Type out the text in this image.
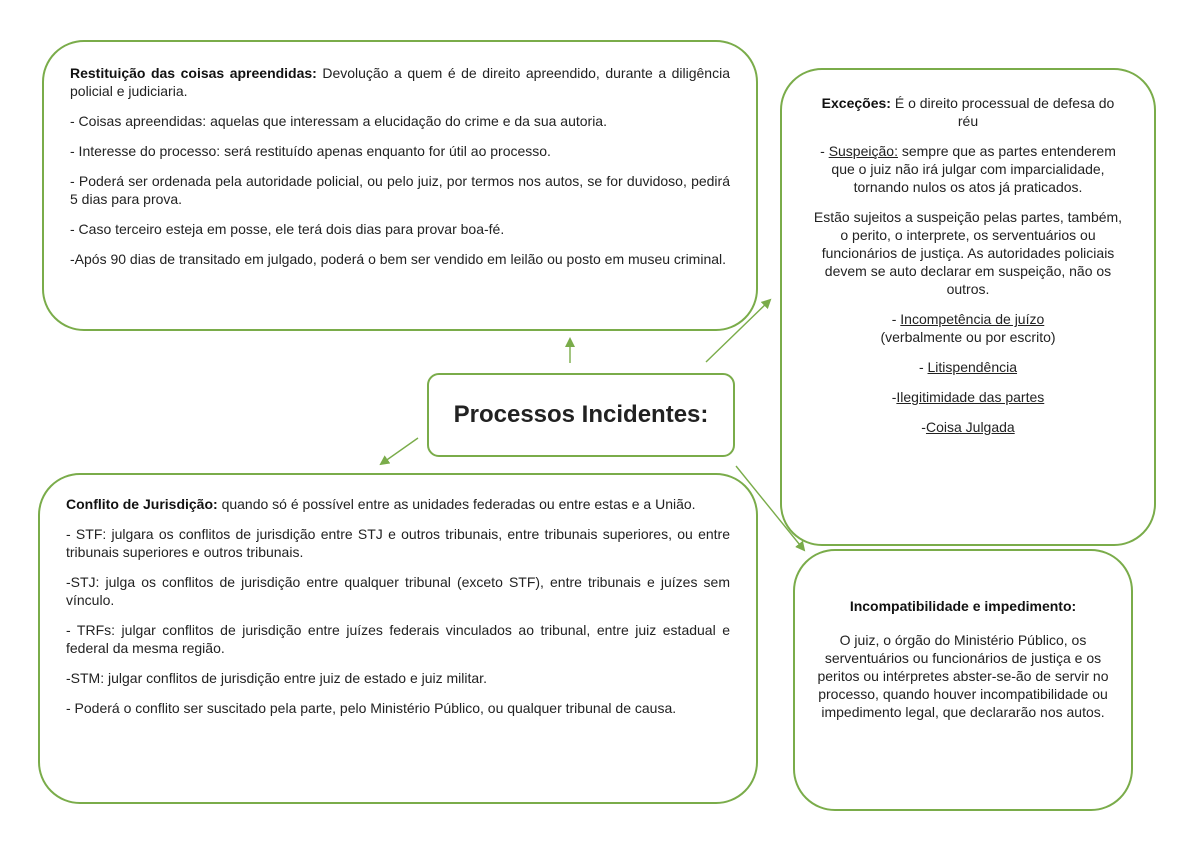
Restituição das coisas apreendidas: Devolução a quem é de direito apreendido, durante a diligência policial e judiciaria.

- Coisas apreendidas: aquelas que interessam a elucidação do crime e da sua autoria.

- Interesse do processo: será restituído apenas enquanto for útil ao processo.

- Poderá ser ordenada pela autoridade policial, ou pelo juiz, por termos nos autos, se for duvidoso, pedirá 5 dias para prova.

- Caso terceiro esteja em posse, ele terá dois dias para provar boa-fé.

-Após 90 dias de transitado em julgado, poderá o bem ser vendido em leilão ou posto em museu criminal.

Processos Incidentes:

Conflito de Jurisdição: quando só é possível entre as unidades federadas ou entre estas e a União.

- STF: julgara os conflitos de jurisdição entre STJ e outros tribunais, entre tribunais superiores, ou entre tribunais superiores e outros tribunais.

-STJ: julga os conflitos de jurisdição entre qualquer tribunal (exceto STF), entre tribunais e juízes sem vínculo.

- TRFs: julgar conflitos de jurisdição entre juízes federais vinculados ao tribunal, entre juiz estadual e federal da mesma região.

-STM: julgar conflitos de jurisdição entre juiz de estado e juiz militar.

- Poderá o conflito ser suscitado pela parte, pelo Ministério Público, ou qualquer tribunal de causa.

Exceções: É o direito processual de defesa do réu

- Suspeição: sempre que as partes entenderem que o juiz não irá julgar com imparcialidade, tornando nulos os atos já praticados.

Estão sujeitos a suspeição pelas partes, também, o perito, o interprete, os serventuários ou funcionários de justiça. As autoridades policiais devem se auto declarar em suspeição, não os outros.

- Incompetência de juízo
(verbalmente ou por escrito)

- Litispendência

-Ilegitimidade das partes

-Coisa Julgada

Incompatibilidade e impedimento:

O juiz, o órgão do Ministério Público, os serventuários ou funcionários de justiça e os peritos ou intérpretes abster-se-ão de servir no processo, quando houver incompatibilidade ou impedimento legal, que declararão nos autos.
